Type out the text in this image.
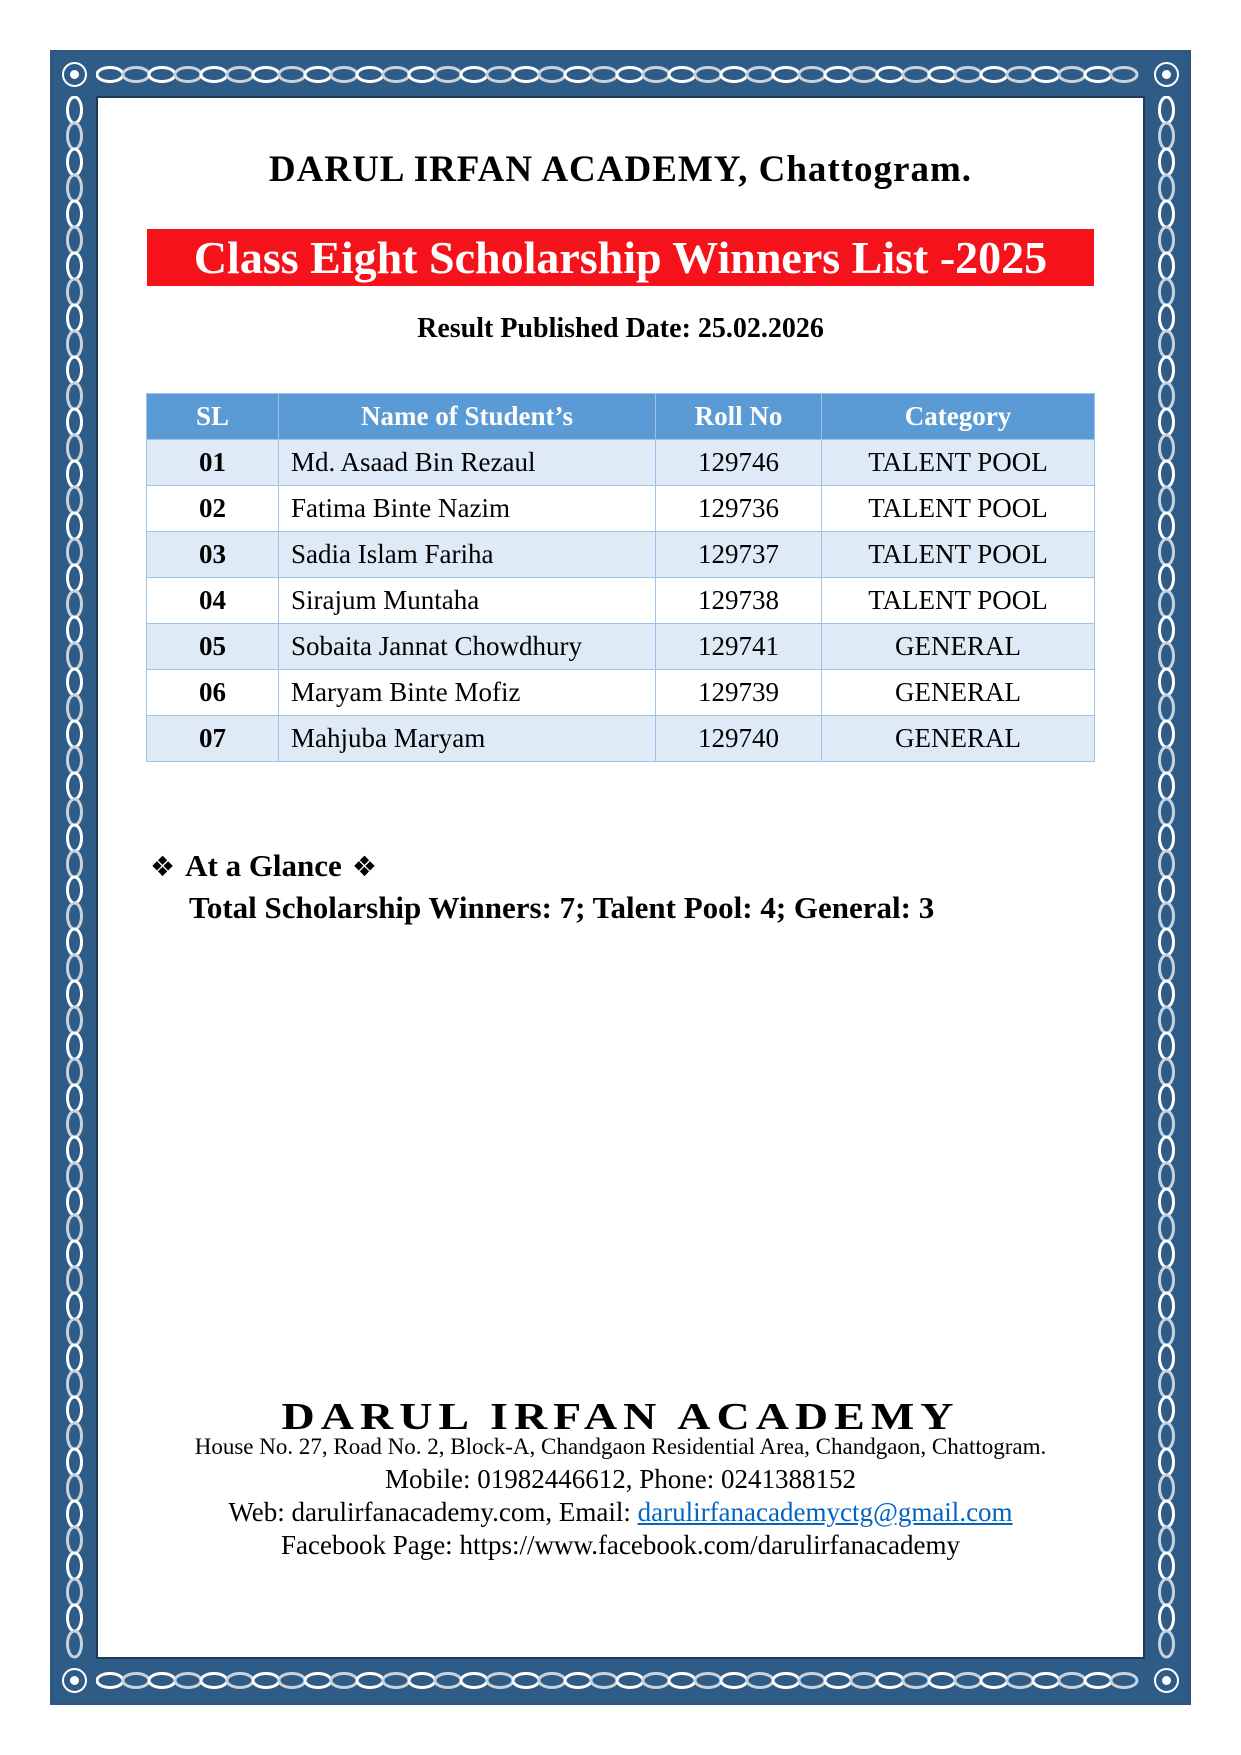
DARUL IRFAN ACADEMY, Chattogram.
Class Eight Scholarship Winners List -2025
Result Published Date: 25.02.2026
SL	Name of Student’s	Roll No	Category
01	Md. Asaad Bin Rezaul	129746	TALENT POOL
02	Fatima Binte Nazim	129736	TALENT POOL
03	Sadia Islam Fariha	129737	TALENT POOL
04	Sirajum Muntaha	129738	TALENT POOL
05	Sobaita Jannat Chowdhury	129741	GENERAL
06	Maryam Binte Mofiz	129739	GENERAL
07	Mahjuba Maryam	129740	GENERAL
❖ At a Glance ❖
Total Scholarship Winners: 7; Talent Pool: 4; General: 3
DARUL IRFAN ACADEMY
House No. 27, Road No. 2, Block-A, Chandgaon Residential Area, Chandgaon, Chattogram.
Mobile: 01982446612, Phone: 0241388152
Web: darulirfanacademy.com, Email: darulirfanacademyctg@gmail.com
Facebook Page: https://www.facebook.com/darulirfanacademy
